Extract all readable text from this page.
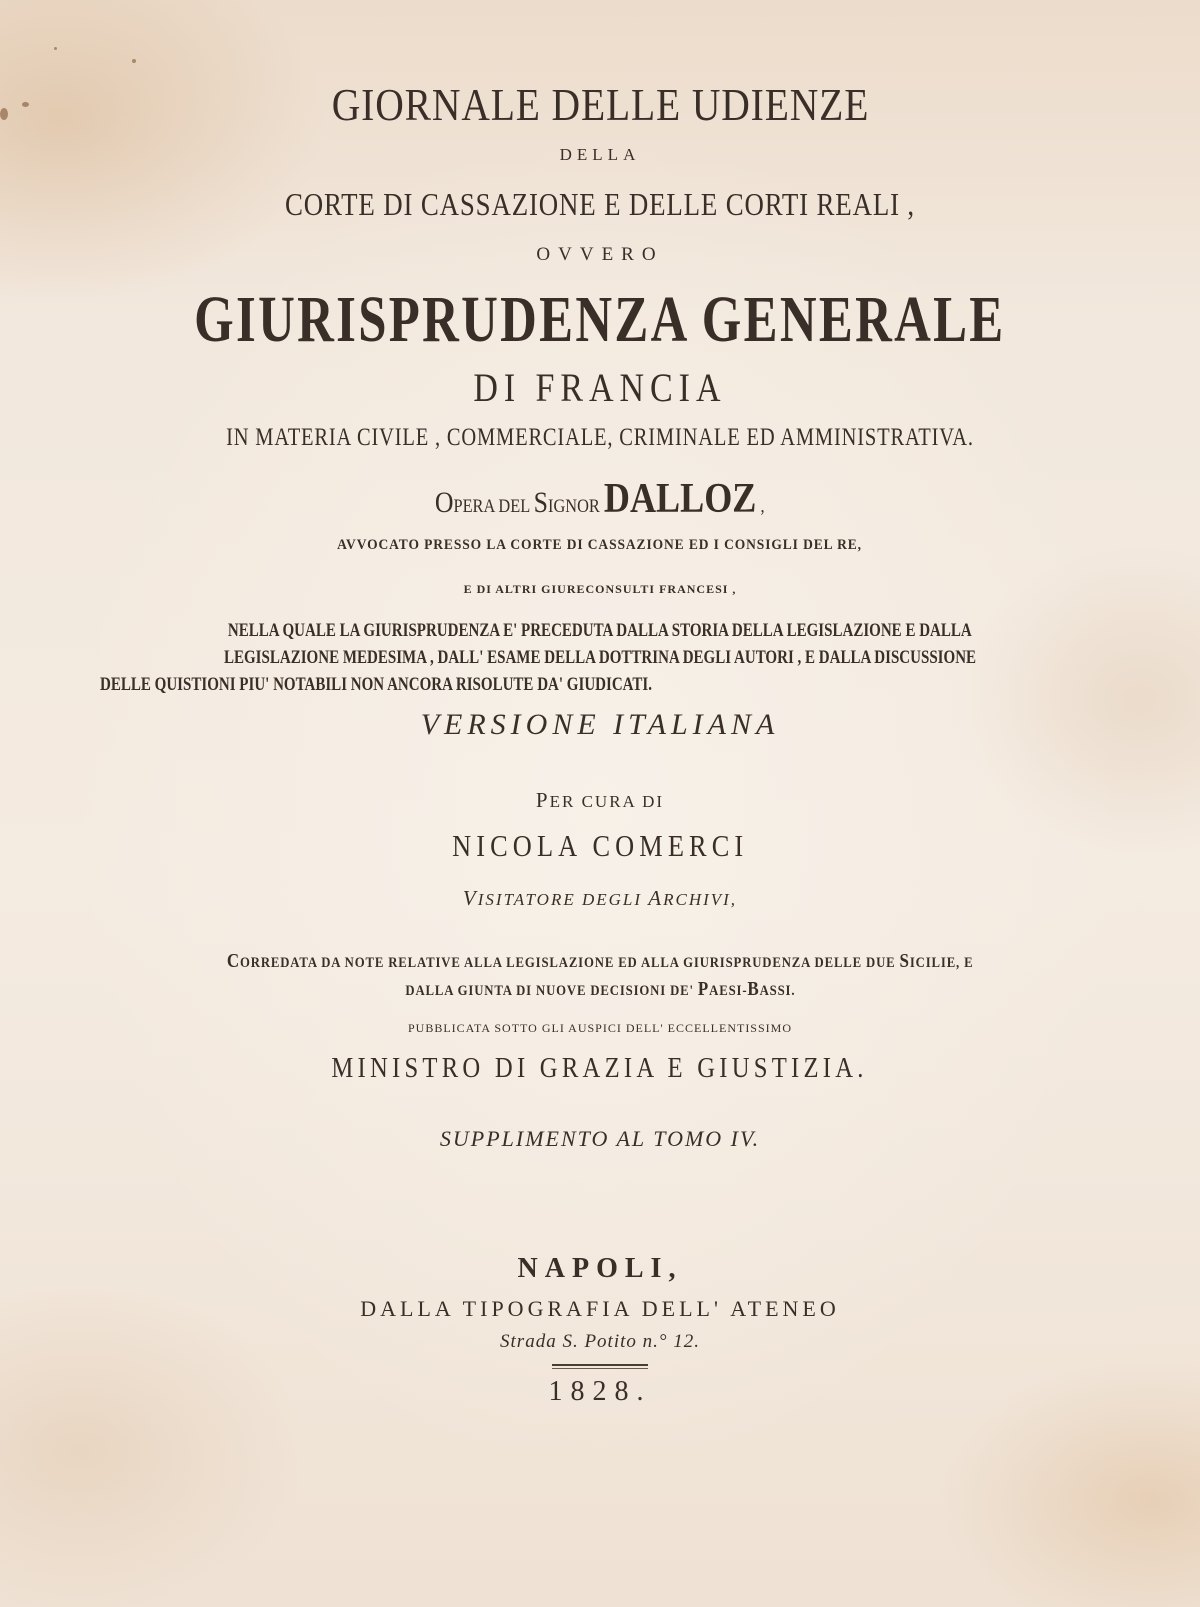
GIORNALE DELLE UDIENZE
DELLA
CORTE DI CASSAZIONE E DELLE CORTI REALI ,
OVVERO
GIURISPRUDENZA GENERALE
DI FRANCIA
IN MATERIA CIVILE , COMMERCIALE, CRIMINALE ED AMMINISTRATIVA.
OPERA DEL SIGNOR DALLOZ ,
AVVOCATO PRESSO LA CORTE DI CASSAZIONE ED I CONSIGLI DEL RE,
E DI ALTRI GIURECONSULTI FRANCESI ,
NELLA QUALE LA GIURISPRUDENZA E' PRECEDUTA DALLA STORIA DELLA LEGISLAZIONE E DALLA
LEGISLAZIONE MEDESIMA , DALL' ESAME DELLA DOTTRINA DEGLI AUTORI , E DALLA DISCUSSIONE
DELLE QUISTIONI PIU' NOTABILI NON ANCORA RISOLUTE DA' GIUDICATI.
VERSIONE ITALIANA
PER CURA DI
NICOLA COMERCI
VISITATORE DEGLI ARCHIVI,
CORREDATA DA NOTE RELATIVE ALLA LEGISLAZIONE ED ALLA GIURISPRUDENZA DELLE DUE SICILIE, E
DALLA GIUNTA DI NUOVE DECISIONI DE' PAESI-BASSI.
PUBBLICATA SOTTO GLI AUSPICI DELL' ECCELLENTISSIMO
MINISTRO DI GRAZIA E GIUSTIZIA.
SUPPLIMENTO AL TOMO IV.
NAPOLI,
DALLA TIPOGRAFIA DELL' ATENEO
Strada S. Potito n.° 12.
1828.
